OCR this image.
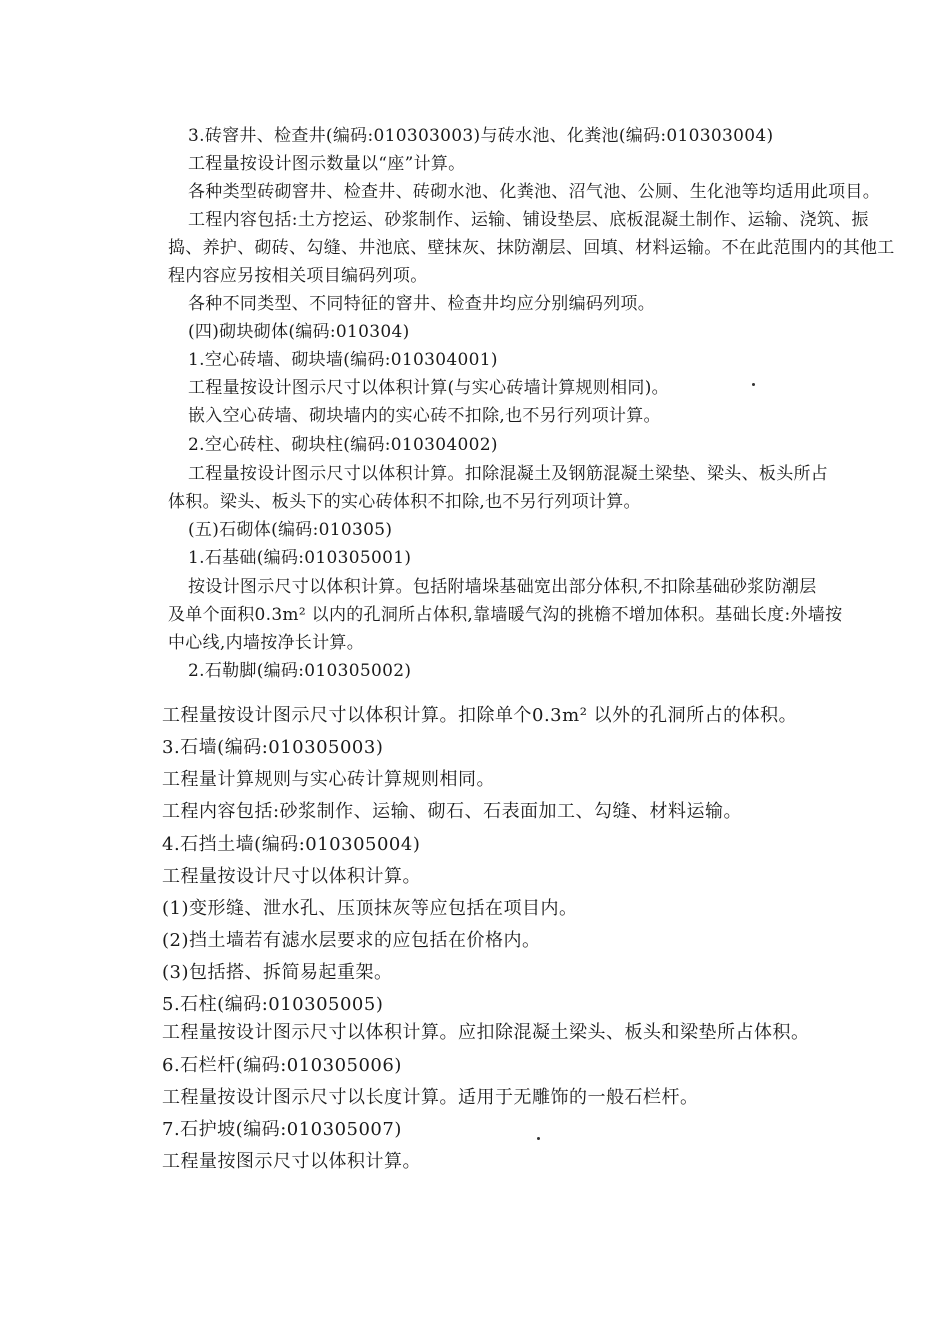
3.砖窨井、检查井(编码:010303003)与砖水池、化粪池(编码:010303004)
工程量按设计图示数量以“座”计算。
各种类型砖砌窨井、检查井、砖砌水池、化粪池、沼气池、公厕、生化池等均适用此项目。
工程内容包括:土方挖运、砂浆制作、运输、铺设垫层、底板混凝土制作、运输、浇筑、振
捣、养护、砌砖、勾缝、井池底、壁抹灰、抹防潮层、回填、材料运输。不在此范围内的其他工
程内容应另按相关项目编码列项。
各种不同类型、不同特征的窨井、检查井均应分别编码列项。
(四)砌块砌体(编码:010304)
1.空心砖墙、砌块墙(编码:010304001)
工程量按设计图示尺寸以体积计算(与实心砖墙计算规则相同)。
嵌入空心砖墙、砌块墙内的实心砖不扣除,也不另行列项计算。
2.空心砖柱、砌块柱(编码:010304002)
工程量按设计图示尺寸以体积计算。扣除混凝土及钢筋混凝土梁垫、梁头、板头所占
体积。梁头、板头下的实心砖体积不扣除,也不另行列项计算。
(五)石砌体(编码:010305)
1.石基础(编码:010305001)
按设计图示尺寸以体积计算。包括附墙垛基础宽出部分体积,不扣除基础砂浆防潮层
及单个面积0.3m² 以内的孔洞所占体积,靠墙暖气沟的挑檐不增加体积。基础长度:外墙按
中心线,内墙按净长计算。
2.石勒脚(编码:010305002)
工程量按设计图示尺寸以体积计算。扣除单个0.3m² 以外的孔洞所占的体积。
3.石墙(编码:010305003)
工程量计算规则与实心砖计算规则相同。
工程内容包括:砂浆制作、运输、砌石、石表面加工、勾缝、材料运输。
4.石挡土墙(编码:010305004)
工程量按设计尺寸以体积计算。
(1)变形缝、泄水孔、压顶抹灰等应包括在项目内。
(2)挡土墙若有滤水层要求的应包括在价格内。
(3)包括搭、拆简易起重架。
5.石柱(编码:010305005)
工程量按设计图示尺寸以体积计算。应扣除混凝土梁头、板头和梁垫所占体积。
6.石栏杆(编码:010305006)
工程量按设计图示尺寸以长度计算。适用于无雕饰的一般石栏杆。
7.石护坡(编码:010305007)
工程量按图示尺寸以体积计算。
